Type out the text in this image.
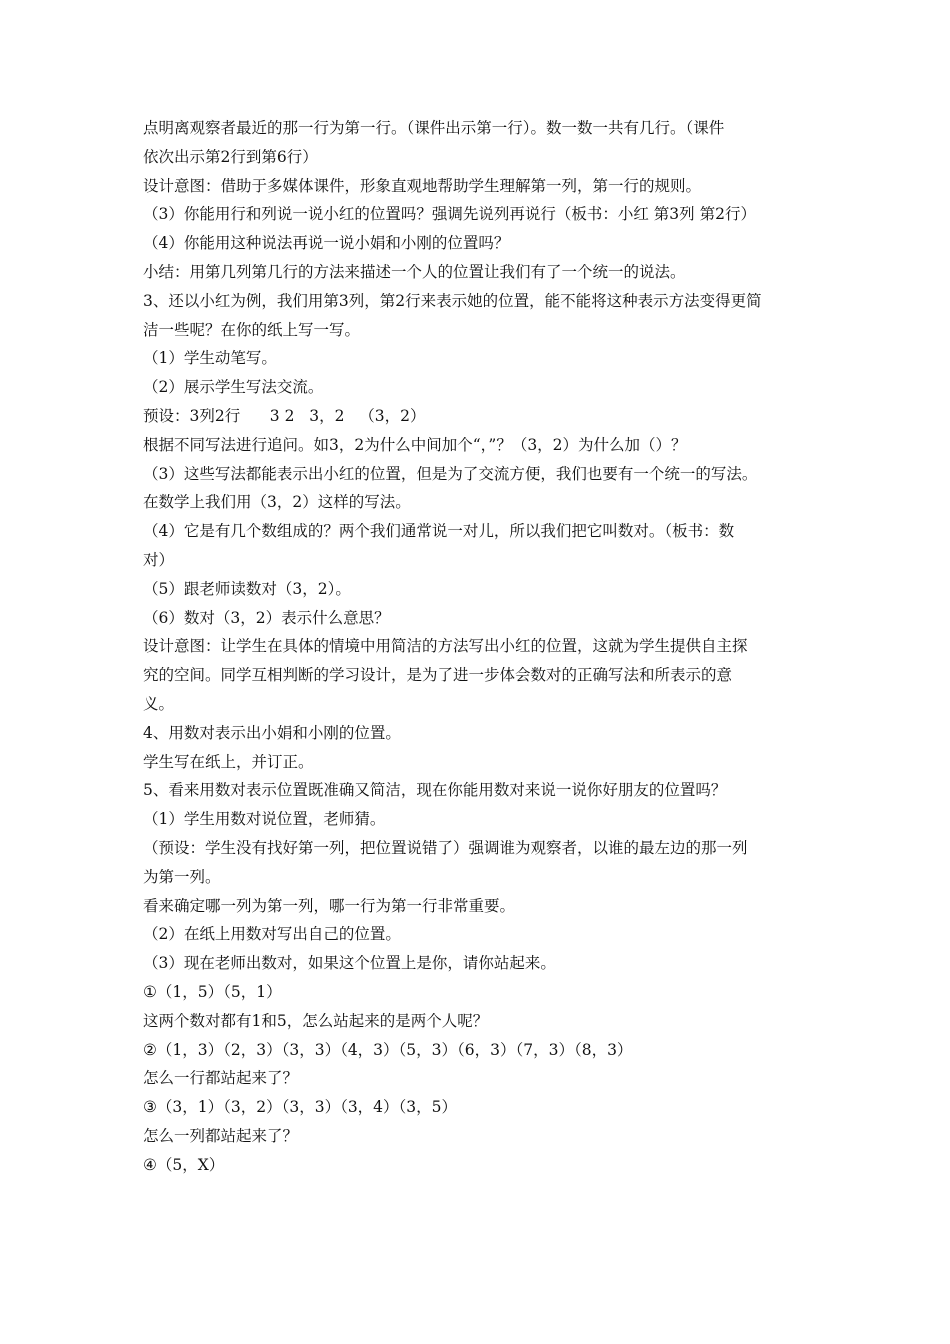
点明离观察者最近的那一行为第一行。（课件出示第一行）。数一数一共有几行。（课件

依次出示第2行到第6行）

设计意图：借助于多媒体课件，形象直观地帮助学生理解第一列，第一行的规则。

（3）你能用行和列说一说小红的位置吗？强调先说列再说行（板书：小红 第3列 第2行）

（4）你能用这种说法再说一说小娟和小刚的位置吗？

小结：用第几列第几行的方法来描述一个人的位置让我们有了一个统一的说法。

3、还以小红为例，我们用第3列，第2行来表示她的位置，能不能将这种表示方法变得更简

洁一些呢？在你的纸上写一写。

（1）学生动笔写。

（2）展示学生写法交流。

预设：3列2行      3 2   3，2   （3，2）

根据不同写法进行追问。如3，2为什么中间加个“，”？（3，2）为什么加（）？

（3）这些写法都能表示出小红的位置，但是为了交流方便，我们也要有一个统一的写法。

在数学上我们用（3，2）这样的写法。

（4）它是有几个数组成的？两个我们通常说一对儿，所以我们把它叫数对。（板书：数

对）

（5）跟老师读数对（3，2）。

（6）数对（3，2）表示什么意思？

设计意图：让学生在具体的情境中用简洁的方法写出小红的位置，这就为学生提供自主探

究的空间。同学互相判断的学习设计，是为了进一步体会数对的正确写法和所表示的意

义。

4、用数对表示出小娟和小刚的位置。

学生写在纸上，并订正。

5、看来用数对表示位置既准确又简洁，现在你能用数对来说一说你好朋友的位置吗？

（1）学生用数对说位置，老师猜。

（预设：学生没有找好第一列，把位置说错了）强调谁为观察者，以谁的最左边的那一列

为第一列。

看来确定哪一列为第一列，哪一行为第一行非常重要。

（2）在纸上用数对写出自己的位置。

（3）现在老师出数对，如果这个位置上是你，请你站起来。

①（1，5）（5，1）

这两个数对都有1和5，怎么站起来的是两个人呢？

②（1，3）（2，3）（3，3）（4，3）（5，3）（6，3）（7，3）（8，3）

怎么一行都站起来了？

③（3，1）（3，2）（3，3）（3，4）（3，5）

怎么一列都站起来了？

④（5，X）
